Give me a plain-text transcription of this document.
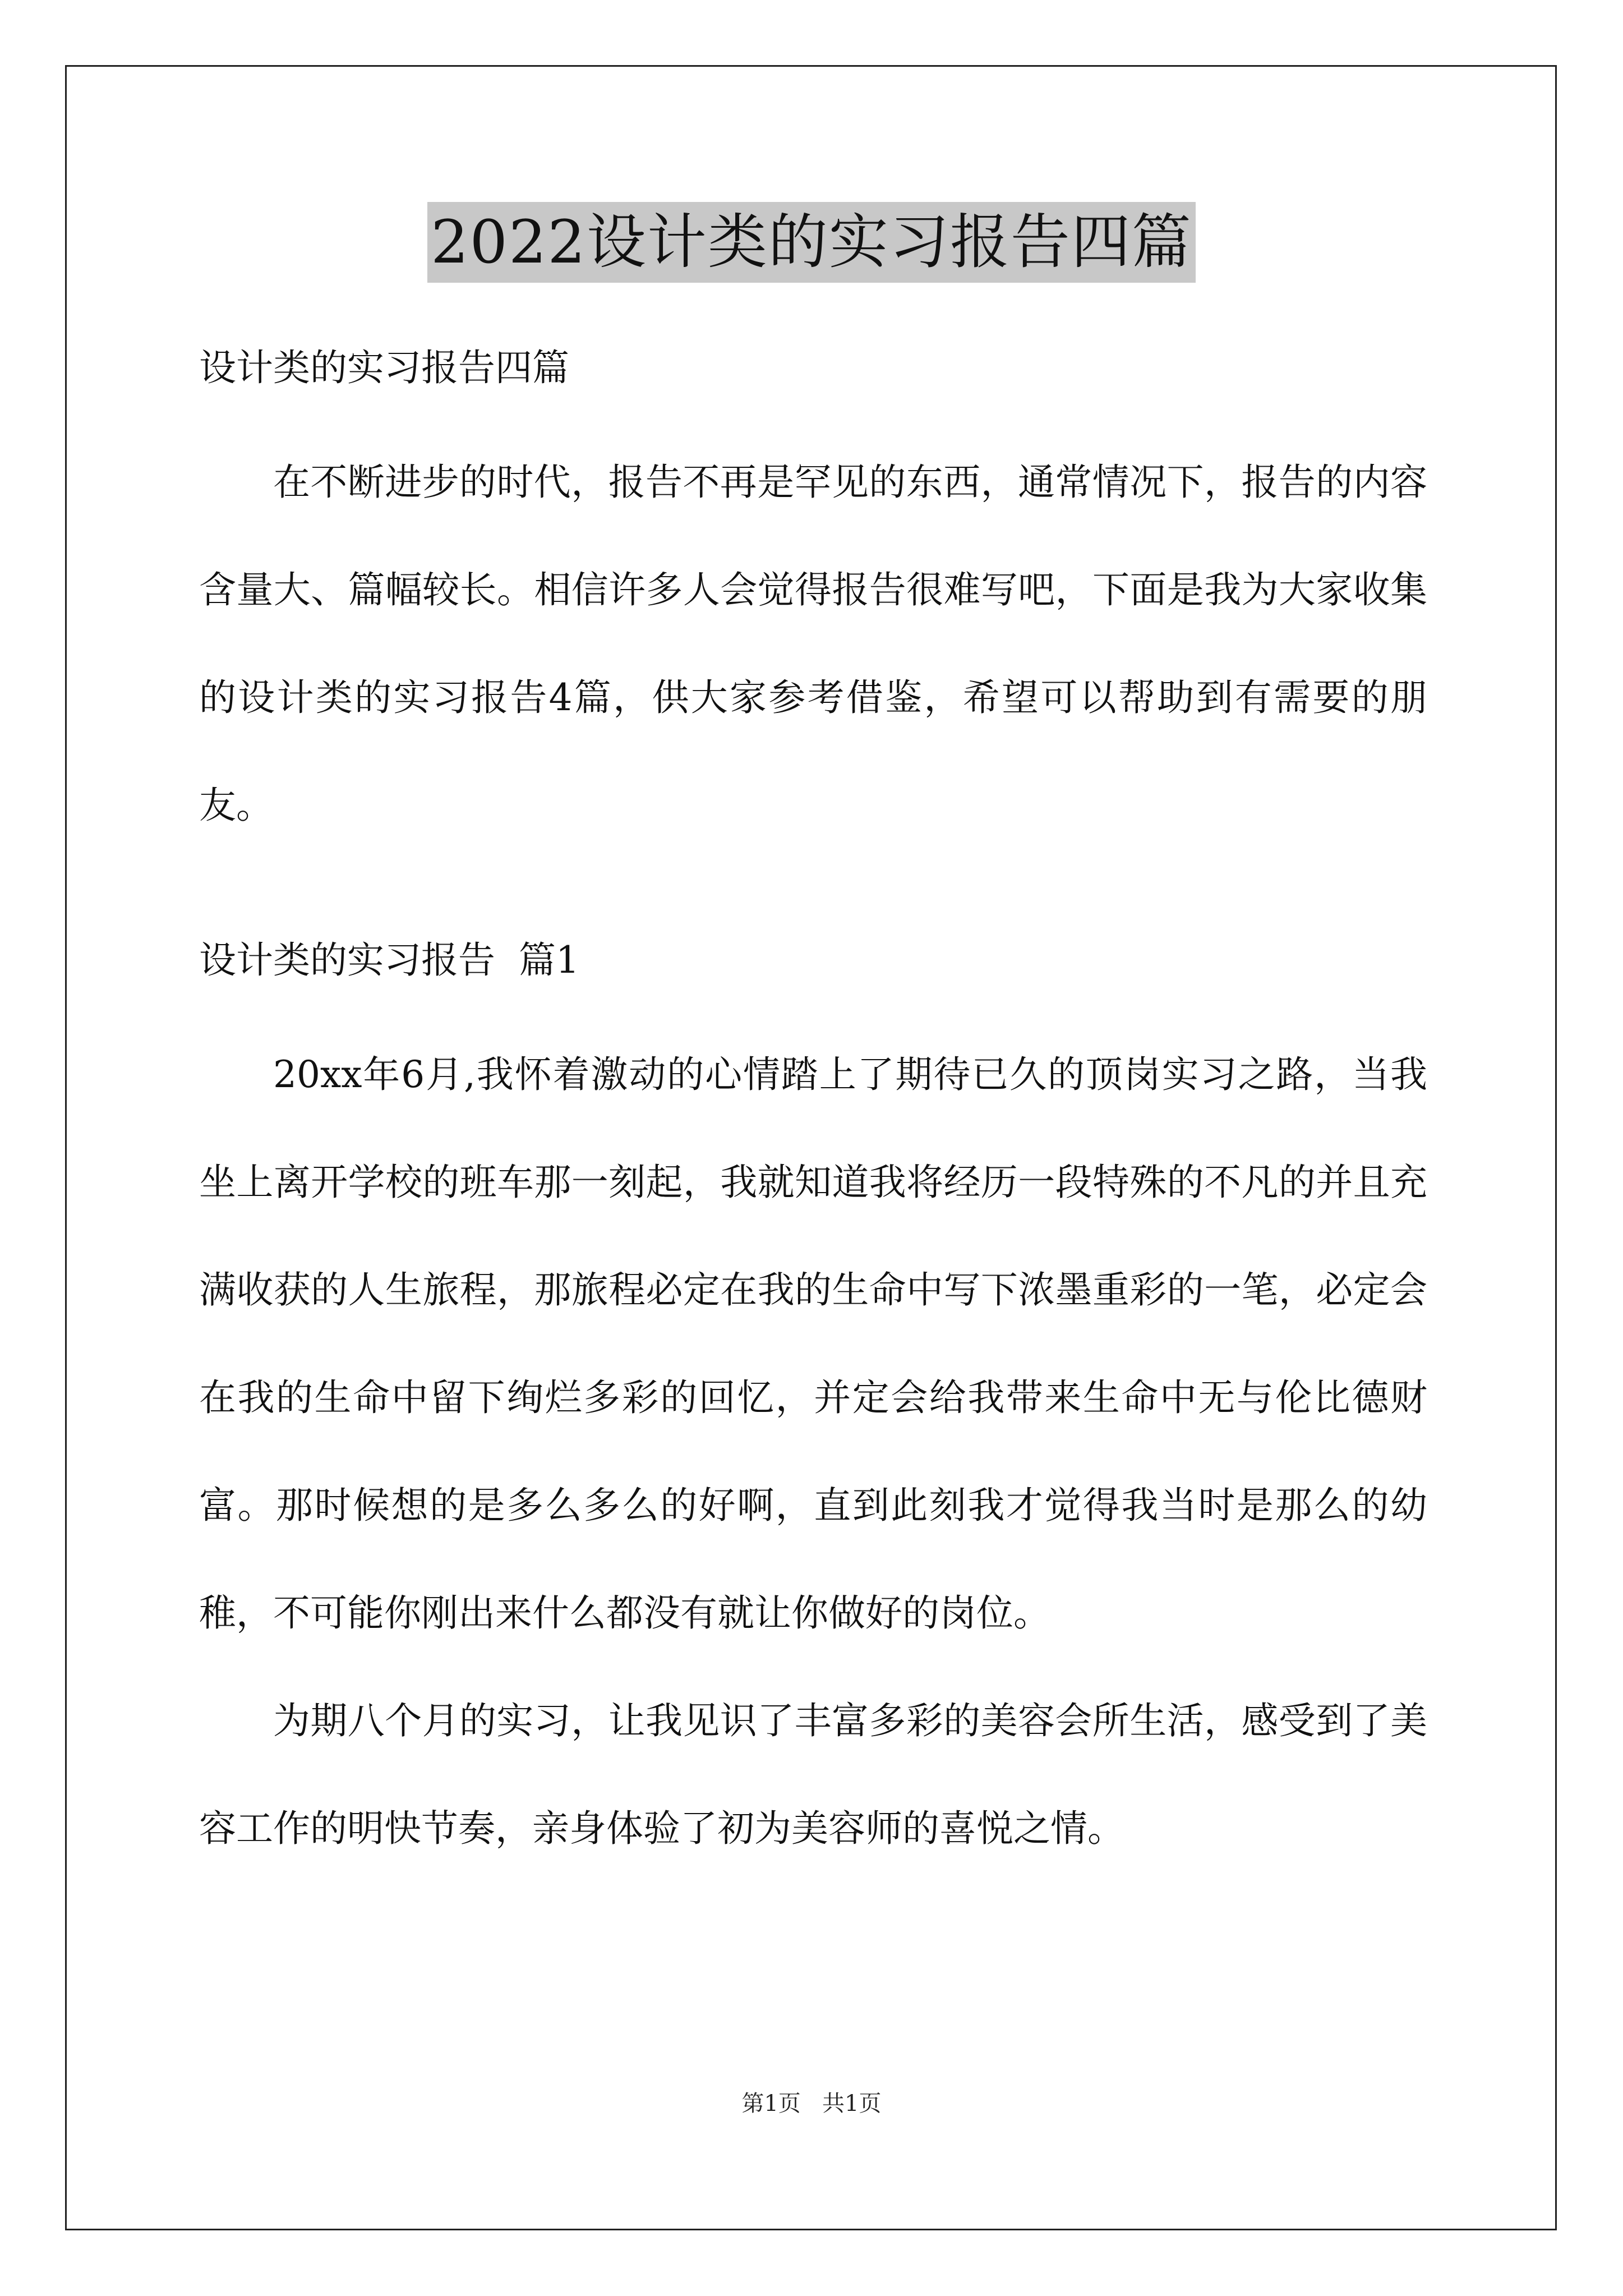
2022设计类的实习报告四篇

设计类的实习报告四篇

在不断进步的时代，报告不再是罕见的东西，通常情况下，报告的内容含量大、篇幅较长。相信许多人会觉得报告很难写吧，下面是我为大家收集的设计类的实习报告4篇，供大家参考借鉴，希望可以帮助到有需要的朋友。

设计类的实习报告  篇1

20xx年6月,我怀着激动的心情踏上了期待已久的顶岗实习之路，当我坐上离开学校的班车那一刻起，我就知道我将经历一段特殊的不凡的并且充满收获的人生旅程，那旅程必定在我的生命中写下浓墨重彩的一笔，必定会在我的生命中留下绚烂多彩的回忆，并定会给我带来生命中无与伦比德财富。那时候想的是多么多么的好啊，直到此刻我才觉得我当时是那么的幼稚，不可能你刚出来什么都没有就让你做好的岗位。

为期八个月的实习，让我见识了丰富多彩的美容会所生活，感受到了美容工作的明快节奏，亲身体验了初为美容师的喜悦之情。

第1页   共1页
